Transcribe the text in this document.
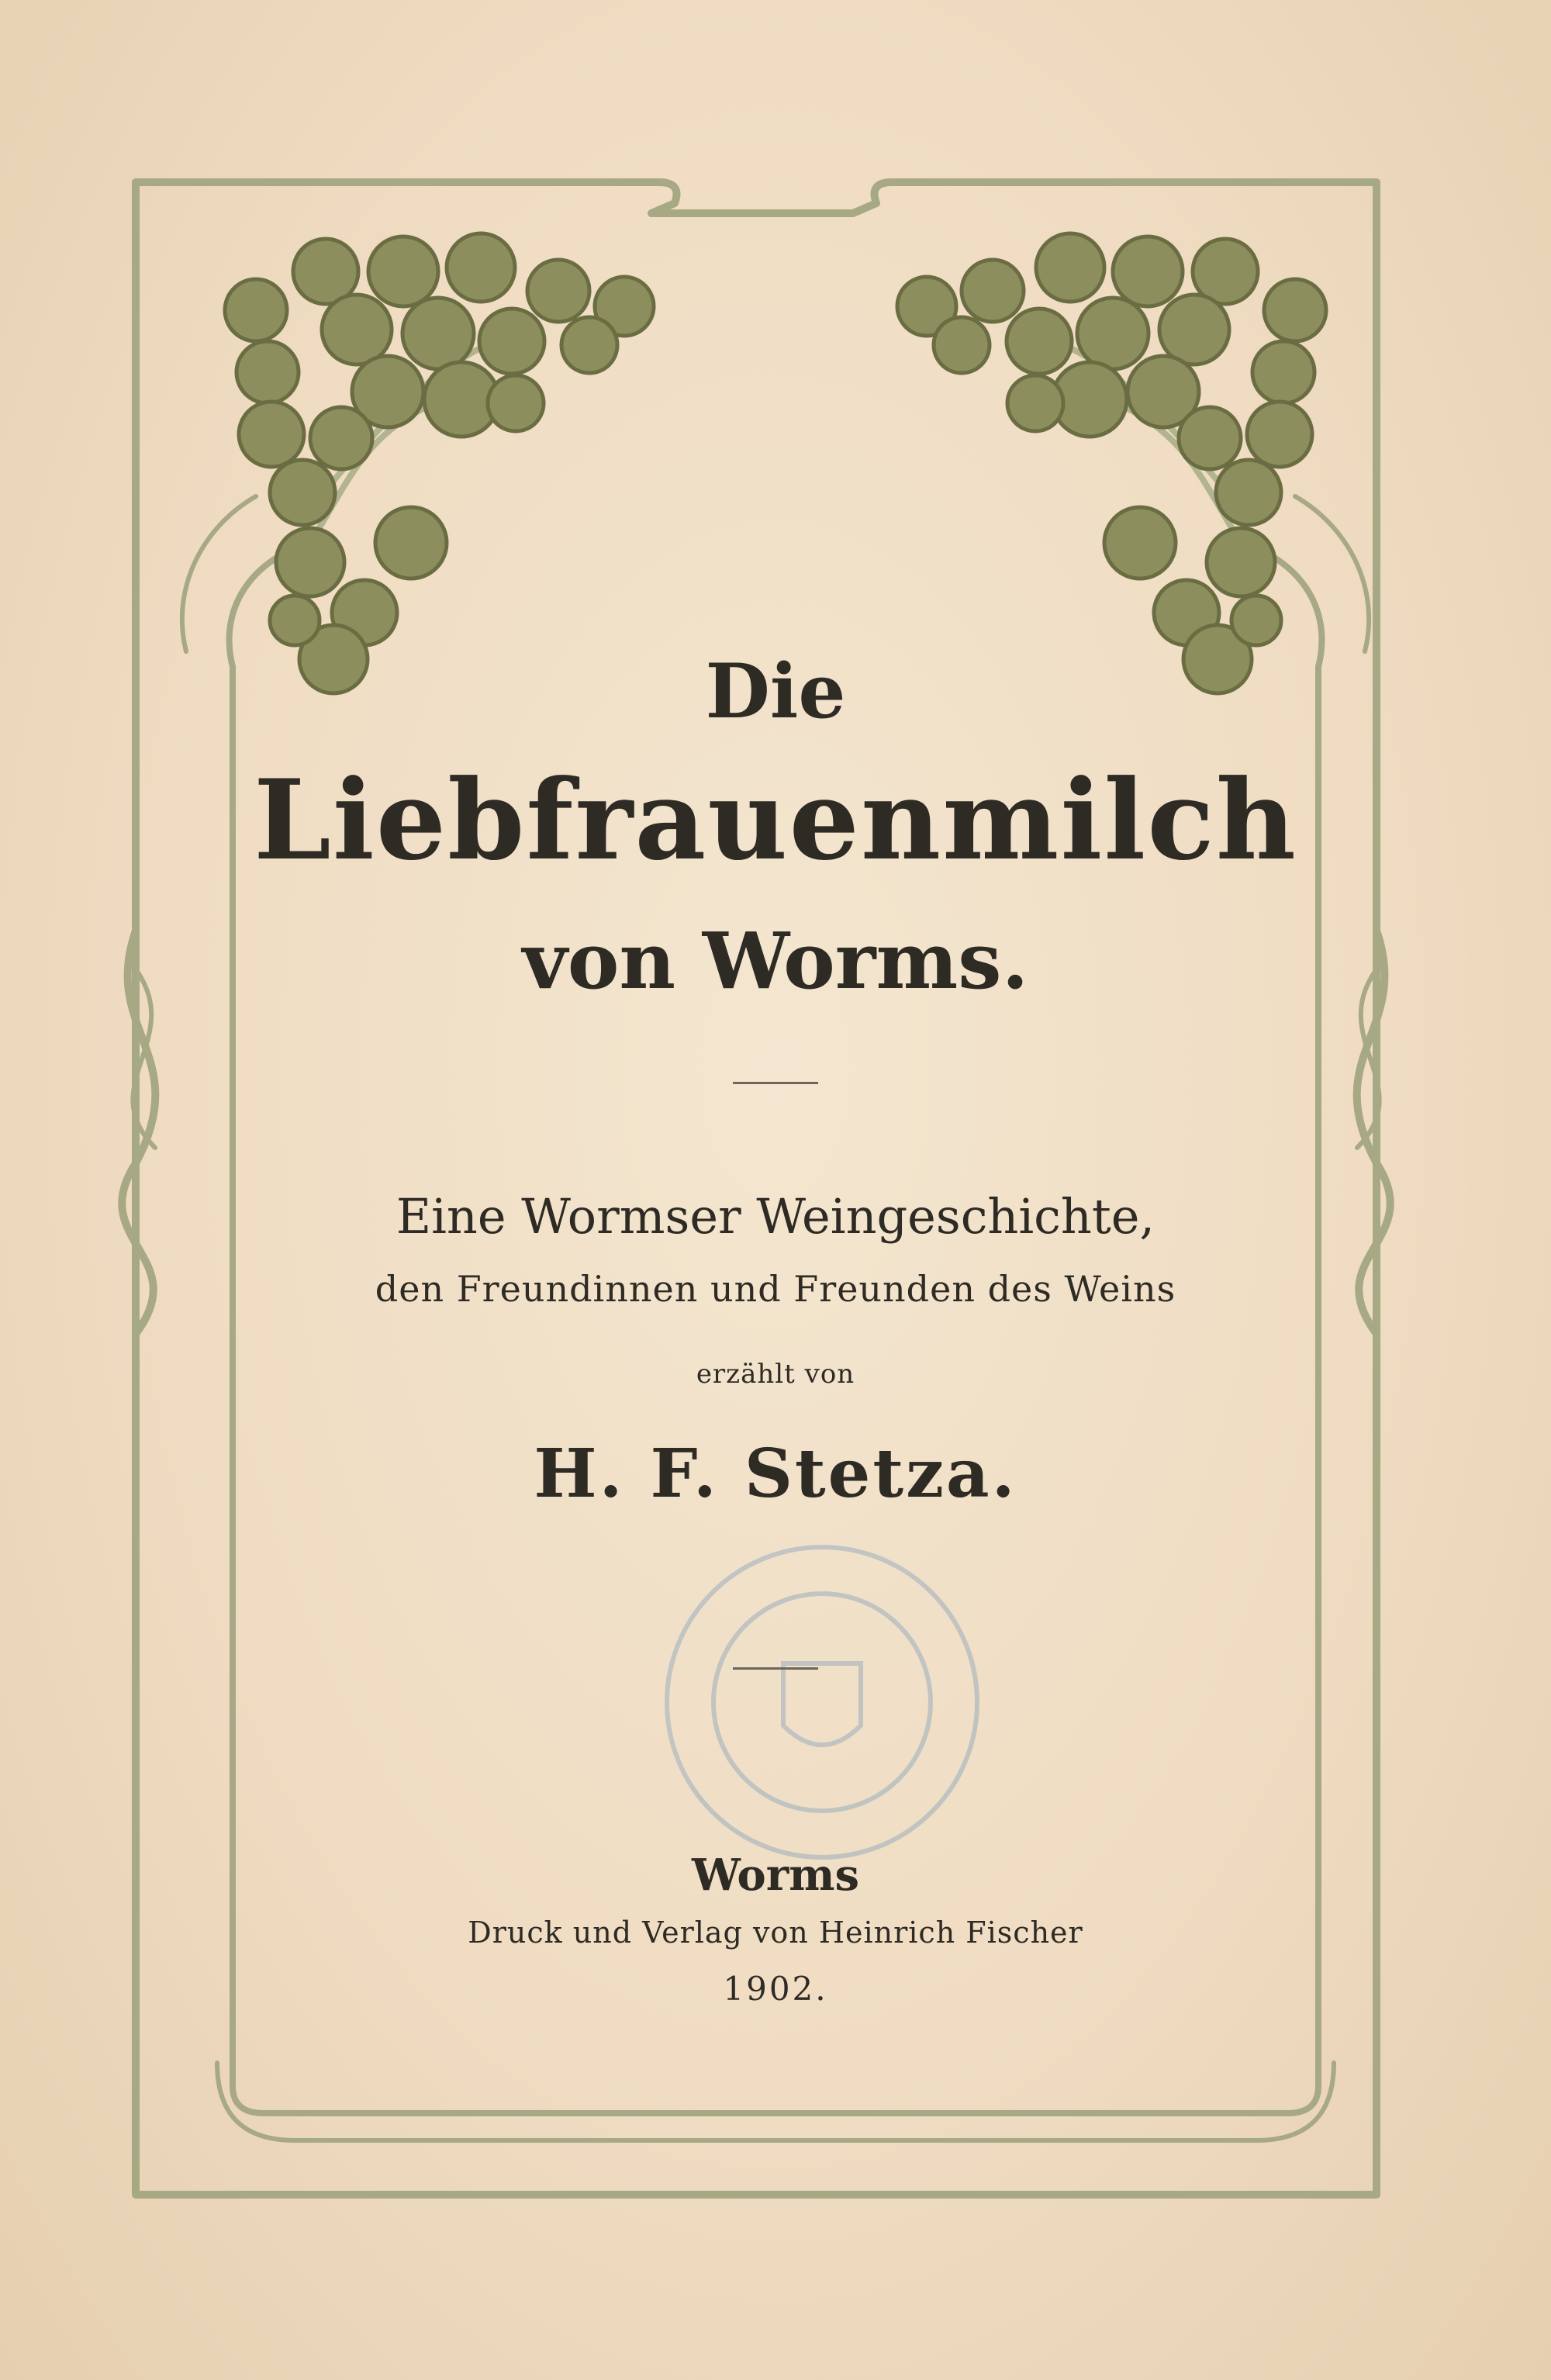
Die
Liebfrauenmilch
von Worms.
Eine Wormser Weingeschichte,
den Freundinnen und Freunden des Weins
erzählt von
H. F. Stetza.
Worms
Druck und Verlag von Heinrich Fischer
1902.
